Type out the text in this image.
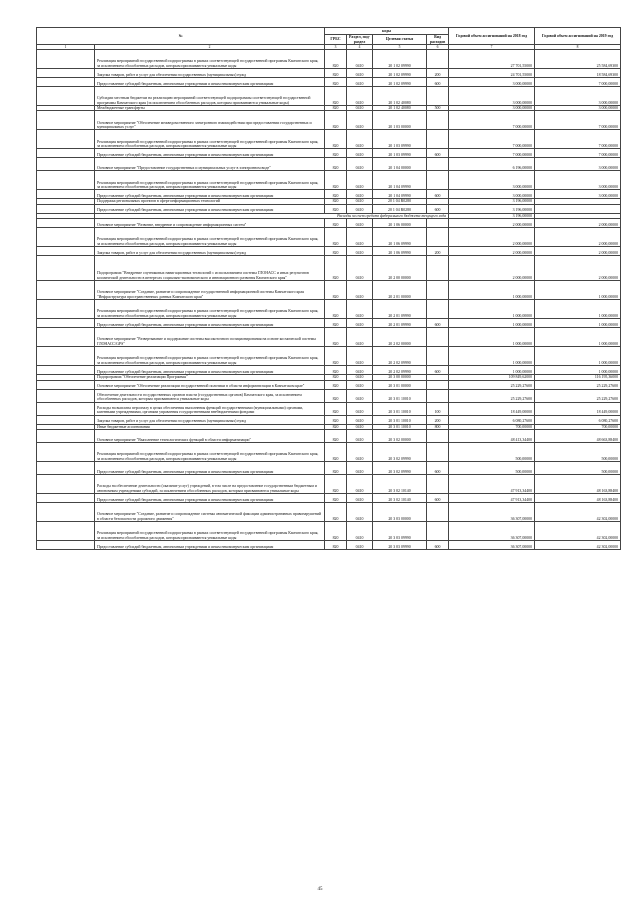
№		коды				Годовой объем ассигнований на 2018 год	Годовой объем ассигнований на 2019 год
		ГРБС	Раздел, под-раздел	Целевая статья	Вид расходов		
1	2	3	4	5	6	7	8
	Реализация мероприятий государственной подпрограммы в рамках соответствующей государственной программы Камчатского края, за исключением обособленных расходов, которым присваиваются уникальные коды	820	0410	20 1 02 09990		27 701,55000	25 584,69300
	Закупка товаров, работ и услуг для обеспечения государственных (муниципальных) нужд	820	0410	20 1 02 09990	200	24 701,55000	18 584,69300
	Предоставление субсидий бюджетным, автономным учреждениям и иным некоммерческим организациям	820	0410	20 1 02 09990	600	3 000,00000	7 000,00000
	Субсидии местным бюджетам на реализацию мероприятий соответствующей подпрограммы соответствующей государственной программы Камчатского края (за исключением обособленных расходов, которым присваиваются уникальные коды)	820	0410	20 1 02 40080		3 000,00000	3 000,00000
	Межбюджетные трансферты	820	0410	20 1 02 40080	500	3 000,00000	3 000,00000
	Основное мероприятие "Обеспечение межведомственного электронного взаимодействия при предоставлении государственных и муниципальных услуг"	820	0410	20 1 03 00000		7 000,00000	7 000,00000
	Реализация мероприятий государственной подпрограммы в рамках соответствующей государственной программы Камчатского края, за исключением обособленных расходов, которым присваиваются уникальные коды	820	0410	20 1 03 09990		7 000,00000	7 000,00000
	Предоставление субсидий бюджетным, автономным учреждениям и иным некоммерческим организациям	820	0410	20 1 03 09990	600	7 000,00000	7 000,00000
	Основное мероприятие "Предоставление государственных и муниципальных услуг в электронном виде"	820	0410	20 1 04 00000		6 196,00000	3 000,00000
	Реализация мероприятий государственной подпрограммы в рамках соответствующей государственной программы Камчатского края, за исключением обособленных расходов, которым присваиваются уникальные коды	820	0410	20 1 04 09990		3 000,00000	3 000,00000
	Предоставление субсидий бюджетным, автономным учреждениям и иным некоммерческим организациям	820	0410	20 1 04 09990	600	3 000,00000	3 000,00000
	Поддержка региональных проектов в сфере информационных технологий	820	0410	20 1 04 R0280		3 196,00000	
	Предоставление субсидий бюджетным, автономным учреждениям и иным некоммерческим организациям	820	0410	20 1 04 R0280	600	3 196,00000	
	Расходы за счет средств федерального бюджета текущего года					3 196,00000	
	Основное мероприятие "Развитие, внедрение и сопровождение информационных систем"	820	0410	20 1 06 00000		2 000,00000	2 000,00000
	Реализация мероприятий государственной подпрограммы в рамках соответствующей государственной программы Камчатского края, за исключением обособленных расходов, которым присваиваются уникальные коды	820	0410	20 1 06 09990		2 000,00000	2 000,00000
	Закупка товаров, работ и услуг для обеспечения государственных (муниципальных) нужд	820	0410	20 1 06 09990	200	2 000,00000	2 000,00000
	Подпрограмма "Внедрение спутниковых навигационных технологий с использованием системы ГЛОНАСС и иных результатов космической деятельности в интересах социально-экономического и инновационного развития Камчатского края"	820	0410	20 2 00 00000		2 000,00000	2 000,00000
	Основное мероприятие "Создание, развитие и сопровождение государственной информационной системы Камчатского края "Инфраструктура пространственных данных Камчатского края"	820	0410	20 2 01 00000		1 000,00000	1 000,00000
	Реализация мероприятий государственной подпрограммы в рамках соответствующей государственной программы Камчатского края, за исключением обособленных расходов, которым присваиваются уникальные коды	820	0410	20 2 01 09990		1 000,00000	1 000,00000
	Предоставление субсидий бюджетным, автономным учреждениям и иным некоммерческим организациям	820	0410	20 2 01 09990	600	1 000,00000	1 000,00000
	Основное мероприятие "Развертывание и поддержание системы высокоточного позиционирования на основе космической системы ГЛОНАСС/GPS"	820	0410	20 2 02 00000		1 000,00000	1 000,00000
	Реализация мероприятий государственной подпрограммы в рамках соответствующей государственной программы Камчатского края, за исключением обособленных расходов, которым присваиваются уникальные коды	820	0410	20 2 02 09990		1 000,00000	1 000,00000
	Предоставление субсидий бюджетным, автономным учреждениям и иным некоммерческим организациям	820	0410	20 2 02 09990	600	1 000,00000	1 000,00000
	Подпрограмма "Обеспечение реализации Программы"	820	0410	20 3 00 00000		109 849,62000	116 195,36000
	Основное мероприятие "Обеспечение реализации государственной политики в области информатизации в Камчатском крае"	820	0410	20 3 01 00000		25 229,27600	25 229,27600
	Обеспечение деятельности государственных органов власти (государственных органов) Камчатского края, за исключением обособленных расходов, которым присваиваются уникальные коды	820	0410	20 3 01 10010		25 229,27600	25 229,27600
	Расходы на выплаты персоналу в целях обеспечения выполнения функций государственными (муниципальными) органами, казенными учреждениями, органами управления государственными внебюджетными фондами	820	0410	20 3 01 10010	100	18 449,00000	18 449,00000
	Закупка товаров, работ и услуг для обеспечения государственных (муниципальных) нужд	820	0410	20 3 01 10010	200	6 080,27600	6 080,27600
	Иные бюджетные ассигнования	820	0410	20 3 01 10010	800	700,00000	700,00000
	Основное мероприятие "Выполнение технологических функций в области информатизации"	820	0410	20 3 02 00000		48 413,34400	48 663,88400
	Реализация мероприятий государственной подпрограммы в рамках соответствующей государственной программы Камчатского края, за исключением обособленных расходов, которым присваиваются уникальные коды	820	0410	20 3 02 09990		500,00000	500,00000
	Предоставление субсидий бюджетным, автономным учреждениям и иным некоммерческим организациям	820	0410	20 3 02 09990	600	500,00000	500,00000
	Расходы на обеспечение деятельности (оказание услуг) учреждений, в том числе на предоставление государственным бюджетным и автономным учреждениям субсидий, за исключением обособленных расходов, которым присваиваются уникальные коды	820	0410	20 3 02 10140		47 913,34400	48 163,88400
	Предоставление субсидий бюджетным, автономным учреждениям и иным некоммерческим организациям	820	0410	20 3 02 10140	600	47 913,34400	48 163,88400
	Основное мероприятие "Создание, развитие и сопровождение системы автоматической фиксации административных правонарушений в области безопасности дорожного движения"	820	0410	20 3 03 00000		36 307,00000	42 302,00000
	Реализация мероприятий государственной подпрограммы в рамках соответствующей государственной программы Камчатского края, за исключением обособленных расходов, которым присваиваются уникальные коды	820	0410	20 3 03 09990		36 307,00000	42 302,00000
	Предоставление субсидий бюджетным, автономным учреждениям и иным некоммерческим организациям	820	0410	20 3 03 09990	600	36 307,00000	42 302,00000
45
